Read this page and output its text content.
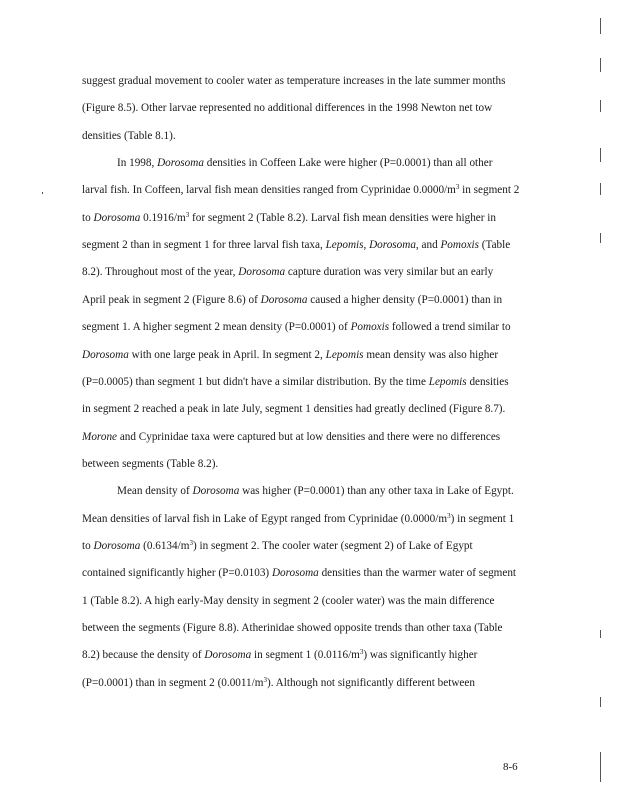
suggest gradual movement to cooler water as temperature increases in the late summer months
(Figure 8.5). Other larvae represented no additional differences in the 1998 Newton net tow
densities (Table 8.1).
In 1998, Dorosoma densities in Coffeen Lake were higher (P=0.0001) than all other
larval fish. In Coffeen, larval fish mean densities ranged from Cyprinidae $0.0000/m^3$ in segment 2
to Dorosoma $0.1916/m^3$ for segment 2 (Table 8.2). Larval fish mean densities were higher in
segment 2 than in segment 1 for three larval fish taxa, Lepomis, Dorosoma, and Pomoxis (Table
8.2). Throughout most of the year, Dorosoma capture duration was very similar but an early
April peak in segment 2 (Figure 8.6) of Dorosoma caused a higher density (P=0.0001) than in
segment 1. A higher segment 2 mean density (P=0.0001) of Pomoxis followed a trend similar to
Dorosoma with one large peak in April. In segment 2, Lepomis mean density was also higher
(P=0.0005) than segment 1 but didn't have a similar distribution. By the time Lepomis densities
in segment 2 reached a peak in late July, segment 1 densities had greatly declined (Figure 8.7).
Morone and Cyprinidae taxa were captured but at low densities and there were no differences
between segments (Table 8.2).
Mean density of Dorosoma was higher (P=0.0001) than any other taxa in Lake of Egypt.
Mean densities of larval fish in Lake of Egypt ranged from Cyprinidae $(0.0000/m^3)$ in segment 1
to Dorosoma $(0.6134/m^3)$ in segment 2. The cooler water (segment 2) of Lake of Egypt
contained significantly higher (P=0.0103) Dorosoma densities than the warmer water of segment
1 (Table 8.2). A high early-May density in segment 2 (cooler water) was the main difference
between the segments (Figure 8.8). Atherinidae showed opposite trends than other taxa (Table
8.2) because the density of Dorosoma in segment 1 $(0.0116/m^3)$ was significantly higher
(P=0.0001) than in segment 2 $(0.0011/m^3)$. Although not significantly different between
8-6
